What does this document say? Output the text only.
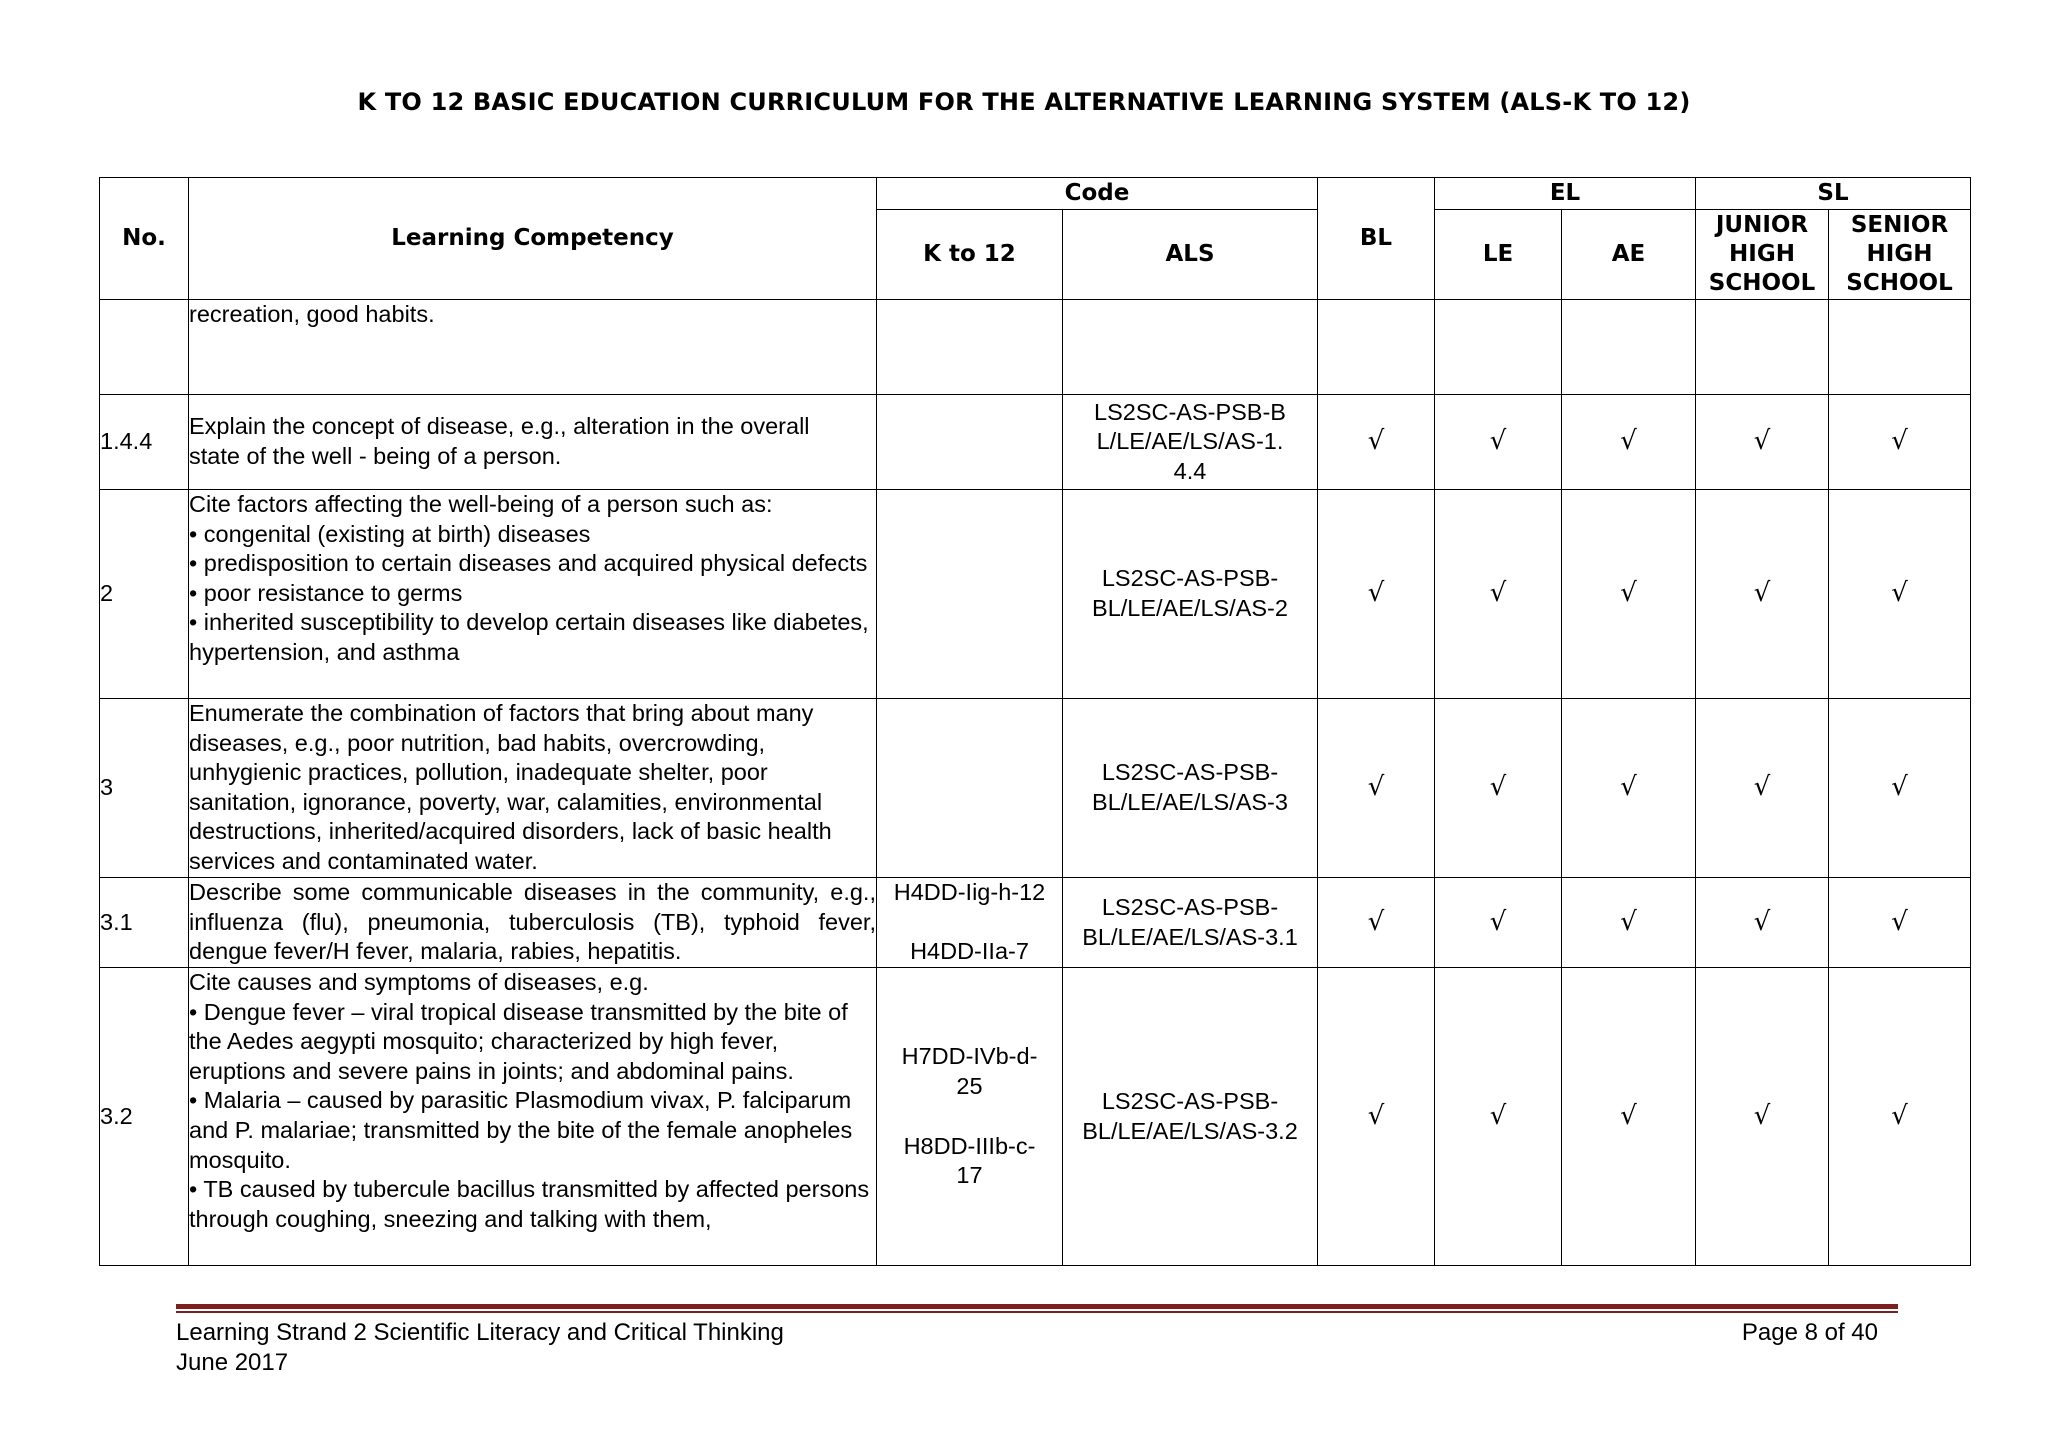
K TO 12 BASIC EDUCATION CURRICULUM FOR THE ALTERNATIVE LEARNING SYSTEM (ALS-K TO 12)
No.	Learning Competency	Code		BL	EL		SL	
		K to 12	ALS		LE	AE	JUNIOR HIGH SCHOOL	SENIOR HIGH SCHOOL

	recreation, good habits.							

1.4.4	Explain the concept of disease, e.g., alteration in the overall
state of the well - being of a person.		LS2SC-AS-PSB-BL/LE/AE/LS/AS-1.4.4	√	√	√	√	√
2	Cite factors affecting the well-being of a person such as:
• congenital (existing at birth) diseases
• predisposition to certain diseases and acquired physical defects
• poor resistance to germs
• inherited susceptibility to develop certain diseases like diabetes, hypertension, and asthma		LS2SC-AS-PSB-BL/LE/AE/LS/AS-2	√	√	√	√	√
3	Enumerate the combination of factors that bring about many diseases, e.g., poor nutrition, bad habits, overcrowding, unhygienic practices, pollution, inadequate shelter, poor sanitation, ignorance, poverty, war, calamities, environmental destructions, inherited/acquired disorders, lack of basic health services and contaminated water.		LS2SC-AS-PSB-BL/LE/AE/LS/AS-3	√	√	√	√	√
3.1	Describe some communicable diseases in the community, e.g., influenza (flu), pneumonia, tuberculosis (TB), typhoid fever, dengue fever/H fever, malaria, rabies, hepatitis.	H4DD-Iig-h-12
H4DD-IIa-7	LS2SC-AS-PSB-BL/LE/AE/LS/AS-3.1	√	√	√	√	√
3.2	Cite causes and symptoms of diseases, e.g.
• Dengue fever – viral tropical disease transmitted by the bite of the Aedes aegypti mosquito; characterized by high fever, eruptions and severe pains in joints; and abdominal pains.
• Malaria – caused by parasitic Plasmodium vivax, P. falciparum and P. malariae; transmitted by the bite of the female anopheles mosquito.
• TB caused by tubercule bacillus transmitted by affected persons through coughing, sneezing and talking with them,	H7DD-IVb-d-25
H8DD-IIIb-c-17	LS2SC-AS-PSB-BL/LE/AE/LS/AS-3.2	√	√	√	√	√
Learning Strand 2 Scientific Literacy and Critical Thinking
June 2017
Page 8 of 40
